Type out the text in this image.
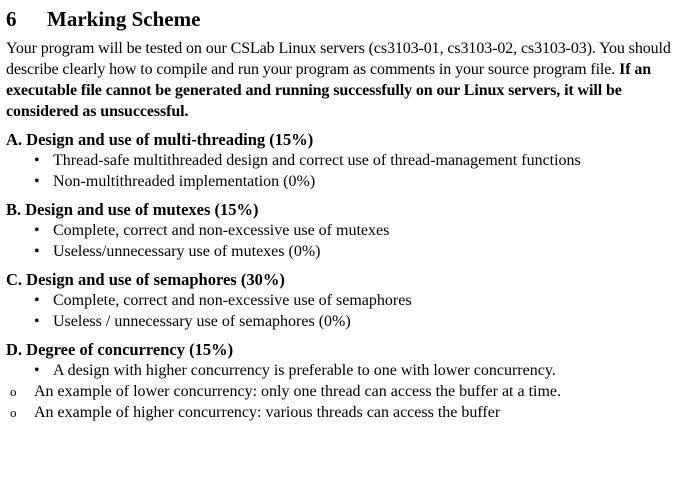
6	Marking Scheme

Your program will be tested on our CSLab Linux servers (cs3103-01, cs3103-02, cs3103-03). You should describe clearly how to compile and run your program as comments in your source program file. If an executable file cannot be generated and running successfully on our Linux servers, it will be considered as unsuccessful.

A. Design and use of multi-threading (15%)
• Thread-safe multithreaded design and correct use of thread-management functions
• Non-multithreaded implementation (0%)
B. Design and use of mutexes (15%)
• Complete, correct and non-excessive use of mutexes
• Useless/unnecessary use of mutexes (0%)
C. Design and use of semaphores (30%)
• Complete, correct and non-excessive use of semaphores
• Useless / unnecessary use of semaphores (0%)
D. Degree of concurrency (15%)
• A design with higher concurrency is preferable to one with lower concurrency.
o An example of lower concurrency: only one thread can access the buffer at a time.
o An example of higher concurrency: various threads can access the buffer
